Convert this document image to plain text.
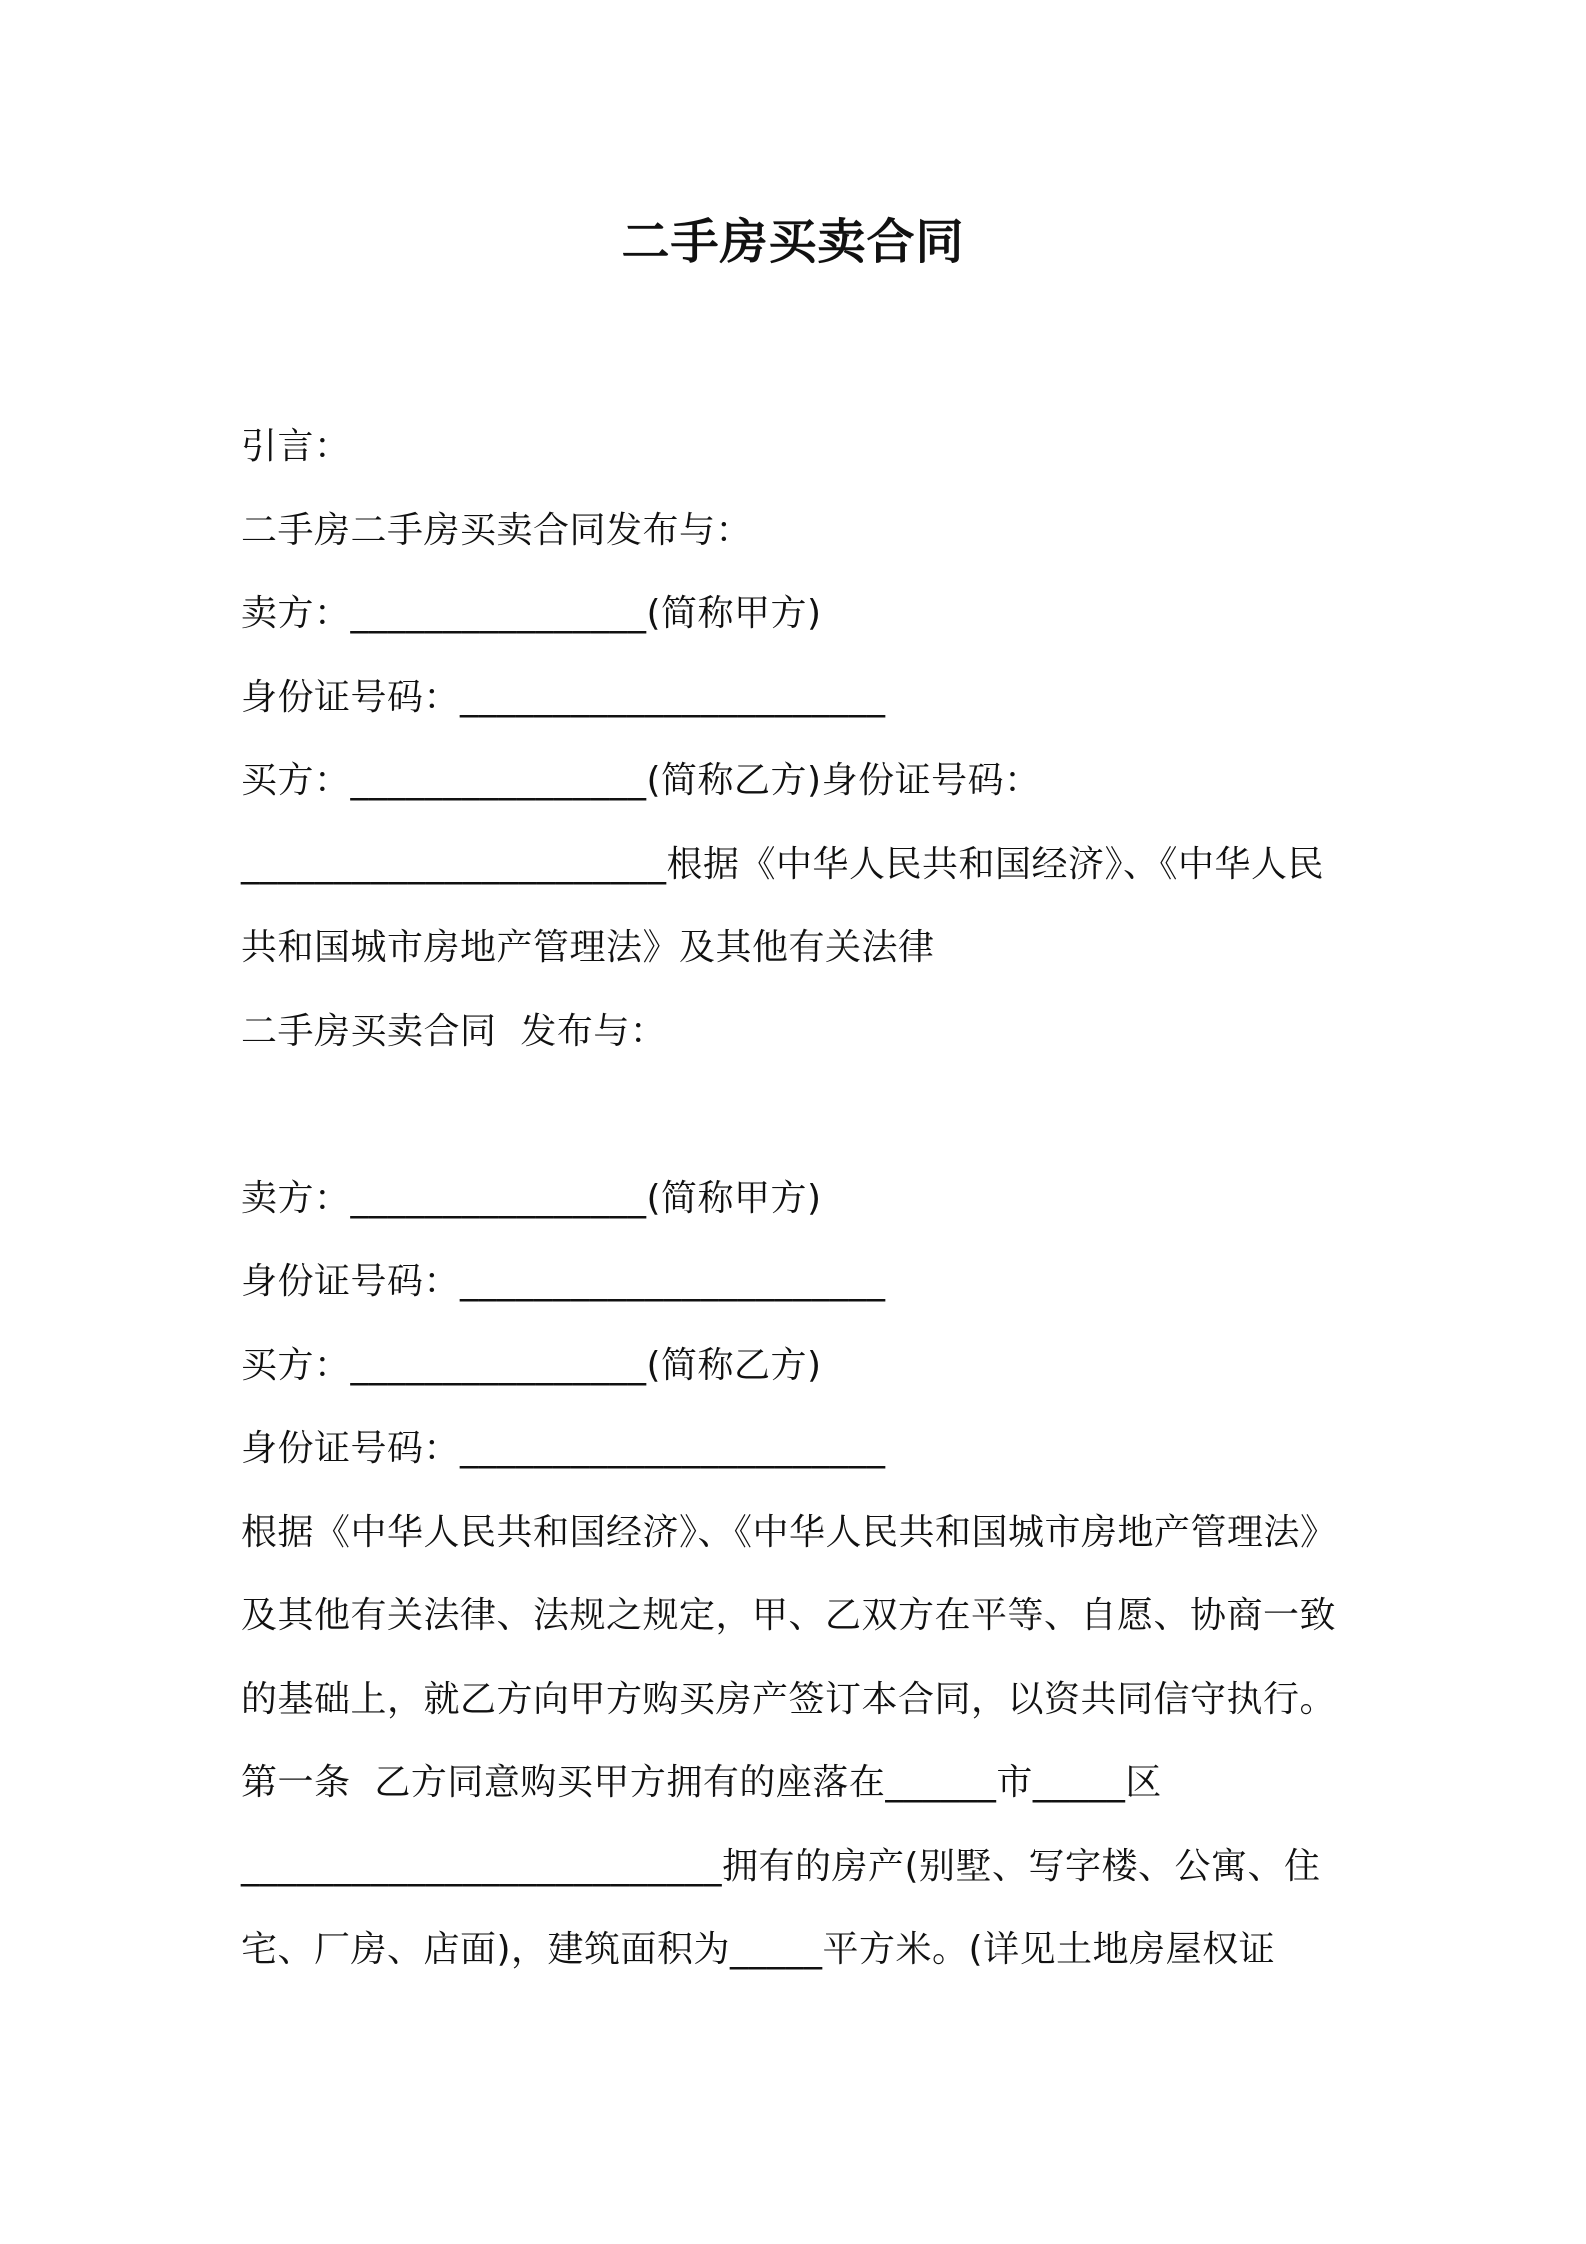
二手房买卖合同
引言：
二手房二手房买卖合同发布与：
卖方：________________(简称甲方)
身份证号码：_______________________
买方：________________(简称乙方)身份证号码：
_______________________根据《中华人民共和国经济》、《中华人民
共和国城市房地产管理法》及其他有关法律
二手房买卖合同  发布与：
卖方：________________(简称甲方)
身份证号码：_______________________
买方：________________(简称乙方)
身份证号码：_______________________
根据《中华人民共和国经济》、《中华人民共和国城市房地产管理法》
及其他有关法律、法规之规定，甲、乙双方在平等、自愿、协商一致
的基础上，就乙方向甲方购买房产签订本合同，以资共同信守执行。
第一条  乙方同意购买甲方拥有的座落在______市_____区
__________________________拥有的房产(别墅、写字楼、公寓、住
宅、厂房、店面)，建筑面积为_____平方米。(详见土地房屋权证
